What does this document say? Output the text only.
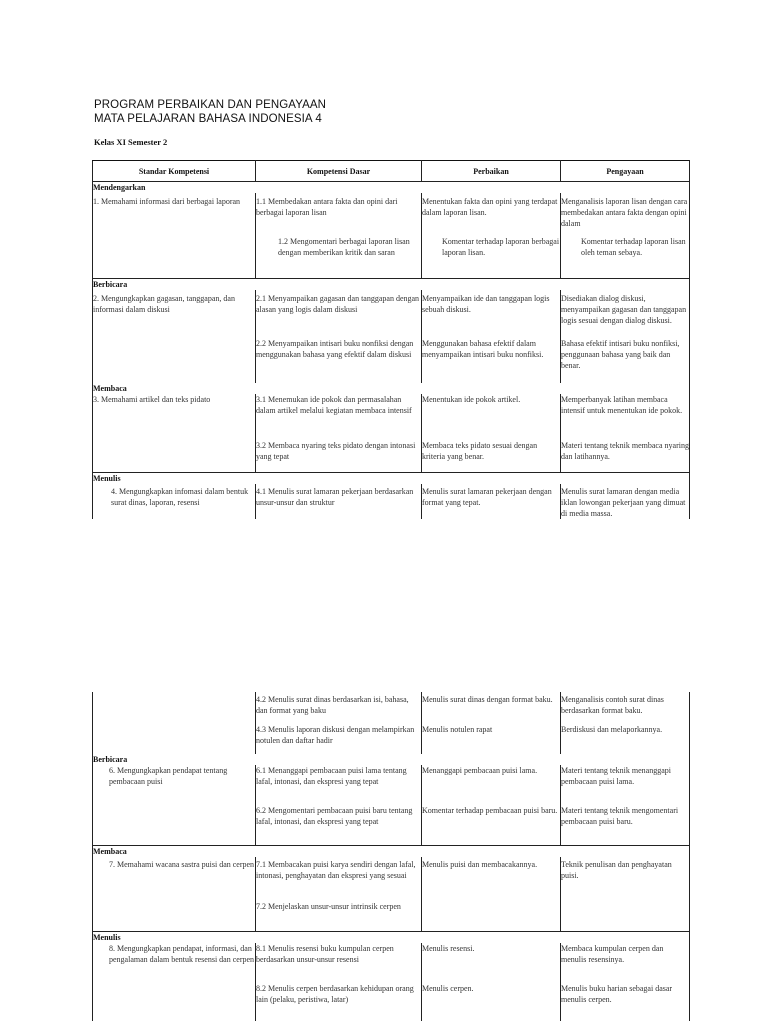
PROGRAM PERBAIKAN DAN PENGAYAAN
MATA PELAJARAN BAHASA INDONESIA 4
Kelas XI Semester 2
Standar Kompetensi	Kompetensi Dasar	Perbaikan	Pengayaan
Mendengarkan			
1. Memahami informasi dari berbagai laporan	1.1 Membedakan antara fakta dan opini dari berbagai laporan lisan	Menentukan fakta dan opini yang terdapat dalam laporan lisan.	Menganalisis laporan lisan dengan cara membedakan antara fakta dengan opini dalam
	1.2 Mengomentari berbagai laporan lisan dengan memberikan kritik dan saran	Komentar terhadap laporan berbagai laporan lisan.	Komentar terhadap laporan lisan oleh teman sebaya.
Berbicara			
2. Mengungkapkan gagasan, tanggapan, dan informasi dalam diskusi	2.1 Menyampaikan gagasan dan tanggapan dengan alasan yang logis dalam diskusi	Menyampaikan ide dan tanggapan logis sebuah diskusi.	Disediakan dialog diskusi, menyampaikan gagasan dan tanggapan logis sesuai dengan dialog diskusi.
	2.2 Menyampaikan intisari buku nonfiksi dengan menggunakan bahasa yang efektif dalam diskusi	Menggunakan bahasa efektif dalam menyampaikan intisari buku nonfiksi.	Bahasa efektif intisari buku nonfiksi, penggunaan bahasa yang baik dan benar.
Membaca			
3. Memahami artikel dan teks pidato	3.1 Menemukan ide pokok dan permasalahan dalam artikel melalui kegiatan membaca intensif	Menentukan ide pokok artikel.	Memperbanyak latihan membaca intensif untuk menentukan ide pokok.
	3.2 Membaca nyaring teks pidato dengan intonasi yang tepat	Membaca teks pidato sesuai dengan kriteria yang benar.	Materi tentang teknik membaca nyaring dan latihannya.
Menulis			
4. Mengungkapkan infomasi dalam bentuk surat dinas, laporan, resensi	4.1 Menulis surat lamaran pekerjaan berdasarkan unsur-unsur dan struktur	Menulis surat lamaran pekerjaan dengan format yang tepat.	Menulis surat lamaran dengan media iklan lowongan pekerjaan yang dimuat di media massa.
	4.2 Menulis surat dinas berdasarkan isi, bahasa, dan format yang baku	Menulis surat dinas dengan format baku.	Menganalisis contoh surat dinas berdasarkan format baku.
	4.3 Menulis laporan diskusi dengan melampirkan notulen dan daftar hadir	Menulis notulen rapat	Berdiskusi dan melaporkannya.
Berbicara			
6. Mengungkapkan pendapat tentang pembacaan puisi	6.1 Menanggapi pembacaan puisi lama tentang lafal, intonasi, dan ekspresi yang tepat	Menanggapi pembacaan puisi lama.	Materi tentang teknik menanggapi pembacaan puisi lama.
	6.2 Mengomentari pembacaan puisi baru tentang lafal, intonasi, dan ekspresi yang tepat	Komentar terhadap pembacaan puisi baru.	Materi tentang teknik mengomentari pembacaan puisi baru.
Membaca			
7. Memahami wacana sastra puisi dan cerpen	7.1 Membacakan puisi karya sendiri dengan lafal, intonasi, penghayatan dan ekspresi yang sesuai	Menulis puisi dan membacakannya.	Teknik penulisan dan penghayatan puisi.
	7.2 Menjelaskan unsur-unsur intrinsik cerpen		
Menulis			
8. Mengungkapkan pendapat, informasi, dan pengalaman dalam bentuk resensi dan cerpen	8.1 Menulis resensi buku kumpulan cerpen berdasarkan unsur-unsur resensi	Menulis resensi.	Membaca kumpulan cerpen dan menulis resensinya.
	8.2 Menulis cerpen berdasarkan kehidupan orang lain (pelaku, peristiwa, latar)	Menulis cerpen.	Menulis buku harian sebagai dasar menulis cerpen.
